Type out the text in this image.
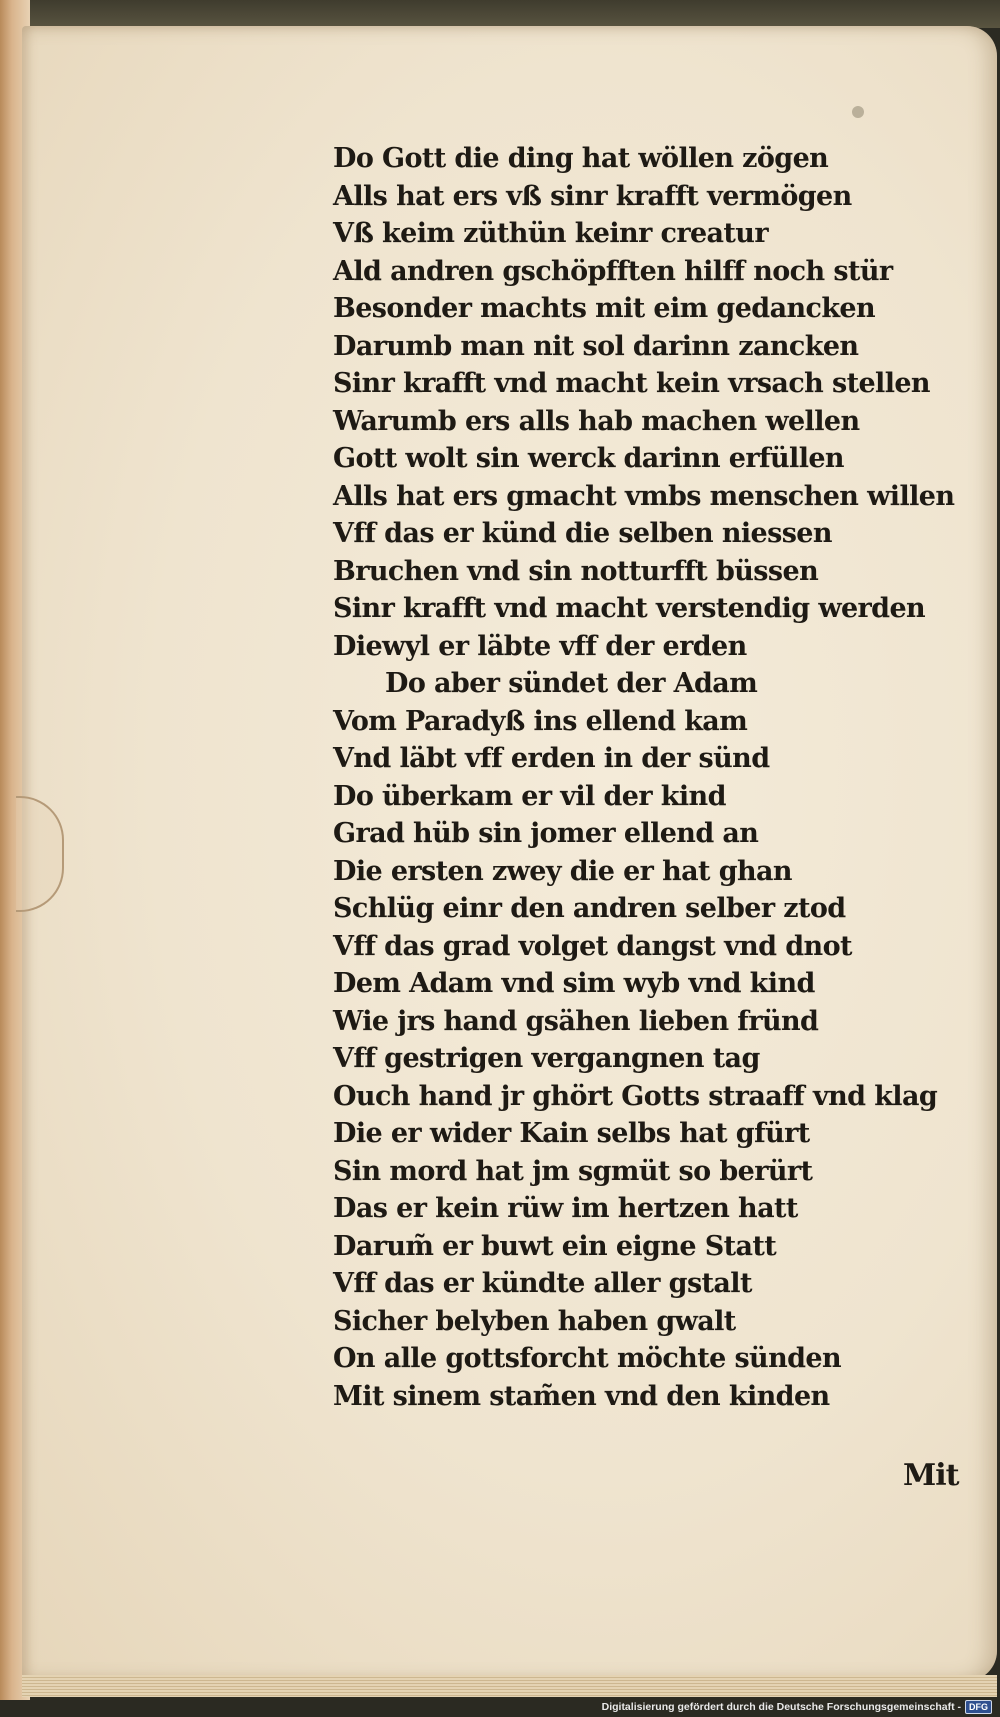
Do Gott die ding hat wöllen zögen
Alls hat ers vß sinr krafft vermögen
Vß keim züthün keinr creatur
Ald andren gschöpfften hilff noch stür
Besonder machts mit eim gedancken
Darumb man nit sol darinn zancken
Sinr krafft vnd macht kein vrsach stellen
Warumb ers alls hab machen wellen
Gott wolt sin werck darinn erfüllen
Alls hat ers gmacht vmbs menschen willen
Vff das er künd die selben niessen
Bruchen vnd sin notturfft büssen
Sinr krafft vnd macht verstendig werden
Diewyl er läbte vff der erden
Do aber sündet der Adam
Vom Paradyß ins ellend kam
Vnd läbt vff erden in der sünd
Do überkam er vil der kind
Grad hüb sin jomer ellend an
Die ersten zwey die er hat ghan
Schlüg einr den andren selber ztod
Vff das grad volget dangst vnd dnot
Dem Adam vnd sim wyb vnd kind
Wie jrs hand gsähen lieben fründ
Vff gestrigen vergangnen tag
Ouch hand jr ghört Gotts straaff vnd klag
Die er wider Kain selbs hat gfürt
Sin mord hat jm sgmüt so berürt
Das er kein rüw im hertzen hatt
Darum̃ er buwt ein eigne Statt
Vff das er kündte aller gstalt
Sicher belyben haben gwalt
On alle gottsforcht möchte sünden
Mit sinem stam̃en vnd den kinden
Mit
Digitalisierung gefördert durch die Deutsche Forschungsgemeinschaft - DFG
